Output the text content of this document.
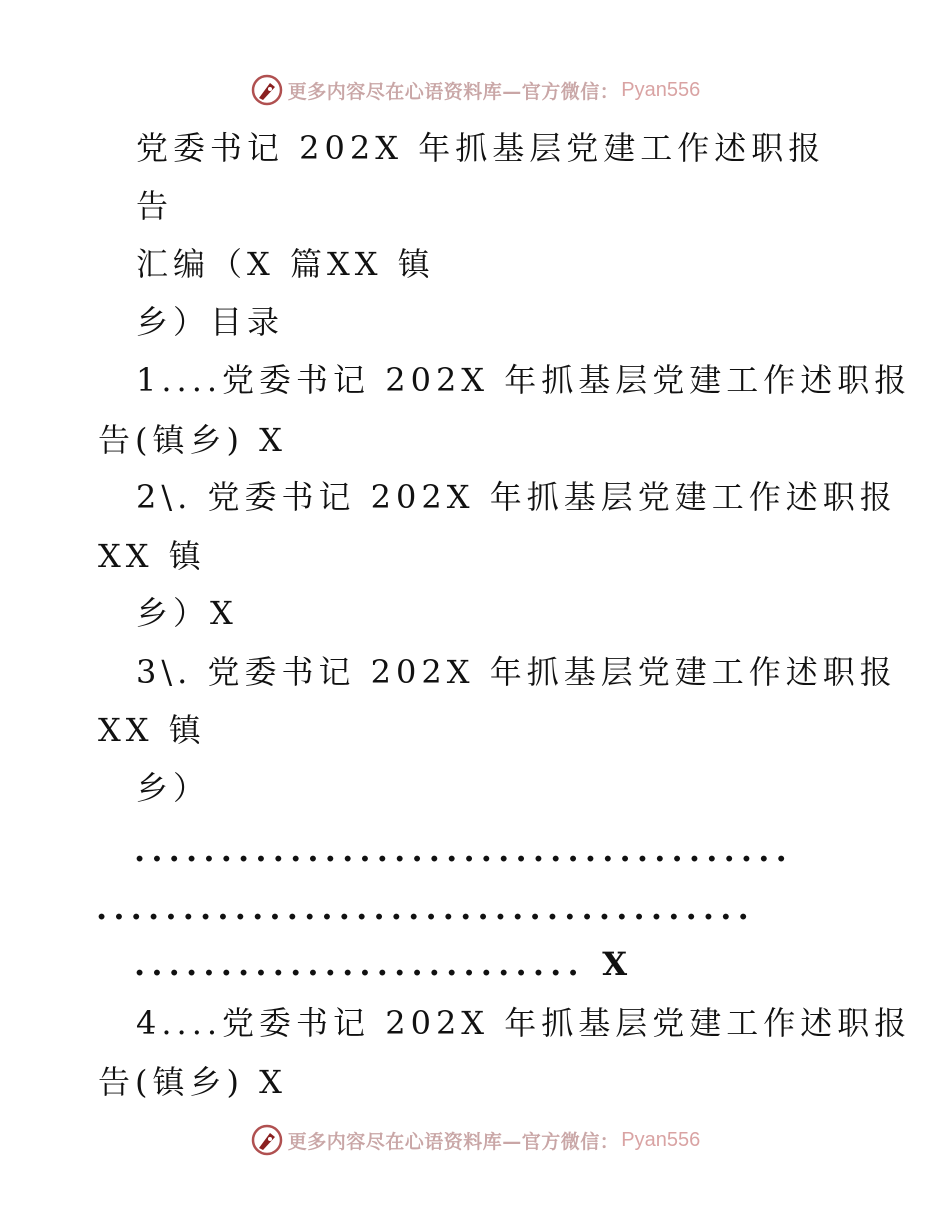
更多内容尽在心语资料库—官方微信： Pyan556
党委书记 202X 年抓基层党建工作述职报
告
汇编（X 篇XX 镇
乡）目录
1....党委书记 202X 年抓基层党建工作述职报
告(镇乡) X
2\. 党委书记 202X 年抓基层党建工作述职报
XX 镇
乡）X
3\. 党委书记 202X 年抓基层党建工作述职报
XX 镇
乡）
......................................
......................................
.......................... X
4....党委书记 202X 年抓基层党建工作述职报
告(镇乡) X
更多内容尽在心语资料库—官方微信： Pyan556
